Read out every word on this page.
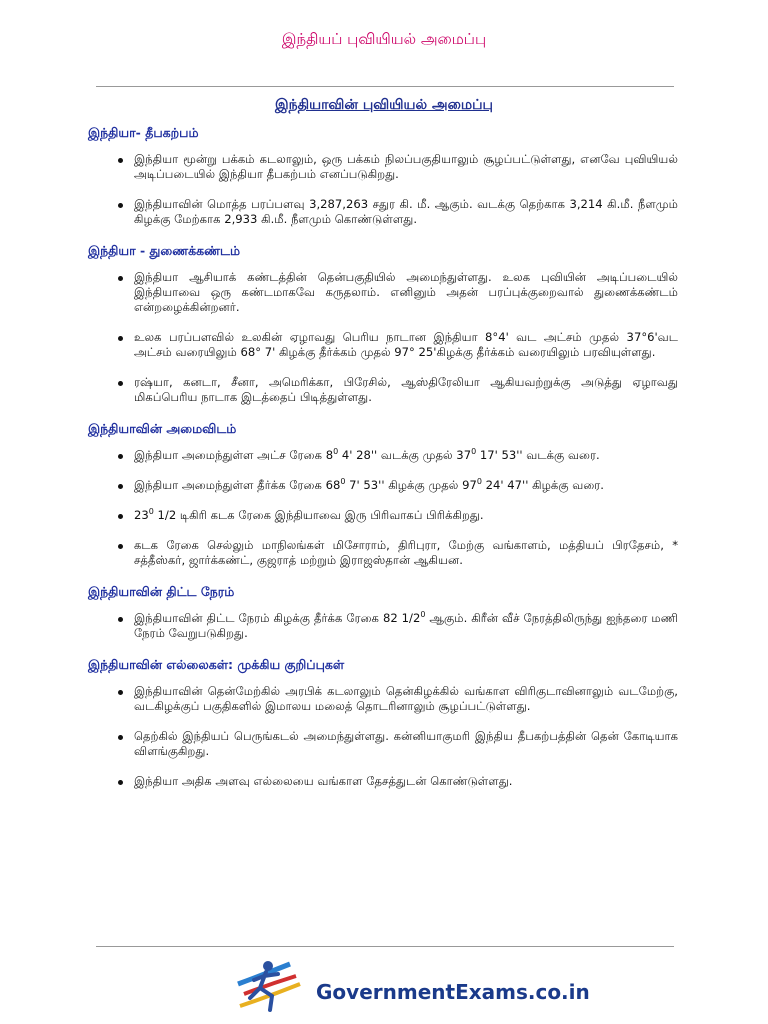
இந்தியப் புவியியல் அமைப்பு
இந்தியாவின் புவியியல் அமைப்பு
இந்தியா- தீபகற்பம்
இந்தியா மூன்று பக்கம் கடலாலும், ஒரு பக்கம் நிலப்பகுதியாலும் சூழப்பட்டுள்ளது, எனவே புவியியல் அடிப்படையில் இந்தியா தீபகற்பம் எனப்படுகிறது.
இந்தியாவின் மொத்த பரப்பளவு 3,287,263 சதுர கி. மீ. ஆகும். வடக்கு தெற்காக 3,214 கி.மீ. நீளமும் கிழக்கு மேற்காக 2,933 கி.மீ. நீளமும் கொண்டுள்ளது.
இந்தியா - துணைக்கண்டம்
இந்தியா ஆசியாக் கண்டத்தின் தென்பகுதியில் அமைந்துள்ளது. உலக புவியின் அடிப்படையில் இந்தியாவை ஒரு கண்டமாகவே கருதலாம். எனினும் அதன் பரப்புக்குறைவால் துணைக்கண்டம் என்றழைக்கின்றனர்.
உலக பரப்பளவில் உலகின் ஏழாவது பெரிய நாடான இந்தியா 8°4' வட அட்சம் முதல் 37°6'வட அட்சம் வரையிலும் 68° 7' கிழக்கு தீர்க்கம் முதல் 97° 25'கிழக்கு தீர்க்கம் வரையிலும் பரவியுள்ளது.
ரஷ்யா, கனடா, சீனா, அமெரிக்கா, பிரேசில், ஆஸ்திரேலியா ஆகியவற்றுக்கு அடுத்து ஏழாவது மிகப்பெரிய நாடாக இடத்தைப் பிடித்துள்ளது.
இந்தியாவின் அமைவிடம்
இந்தியா அமைந்துள்ள அட்ச ரேகை $8^0$ 4' 28'' வடக்கு முதல் $37^0$ 17' 53'' வடக்கு வரை.
இந்தியா அமைந்துள்ள தீர்க்க ரேகை $68^0$ 7' 53'' கிழக்கு முதல் $97^0$ 24' 47'' கிழக்கு வரை.
$23^0$ 1/2 டிகிரி கடக ரேகை இந்தியாவை இரு பிரிவாகப் பிரிக்கிறது.
கடக ரேகை செல்லும் மாநிலங்கள் மிசோராம், திரிபுரா, மேற்கு வங்காளம், மத்தியப் பிரதேசம், * சத்தீஸ்கர், ஜார்க்கண்ட், குஜராத் மற்றும் இராஜஸ்தான் ஆகியன.
இந்தியாவின் திட்ட நேரம்
இந்தியாவின் திட்ட நேரம் கிழக்கு தீர்க்க ரேகை 82 $1/2^0$ ஆகும். கிரீன் வீச் நேரத்திலிருந்து ஐந்தரை மணி நேரம் வேறுபடுகிறது.
இந்தியாவின் எல்லைகள்: முக்கிய குறிப்புகள்
இந்தியாவின் தென்மேற்கில் அரபிக் கடலாலும் தென்கிழக்கில் வங்காள விரிகுடாவினாலும் வடமேற்கு, வடகிழக்குப் பகுதிகளில் இமாலய மலைத் தொடரினாலும் சூழப்பட்டுள்ளது.
தெற்கில் இந்தியப் பெருங்கடல் அமைந்துள்ளது. கன்னியாகுமரி இந்திய தீபகற்பத்தின் தென் கோடியாக விளங்குகிறது.
இந்தியா அதிக அளவு எல்லையை வங்காள தேசத்துடன் கொண்டுள்ளது.
GovernmentExams.co.in
